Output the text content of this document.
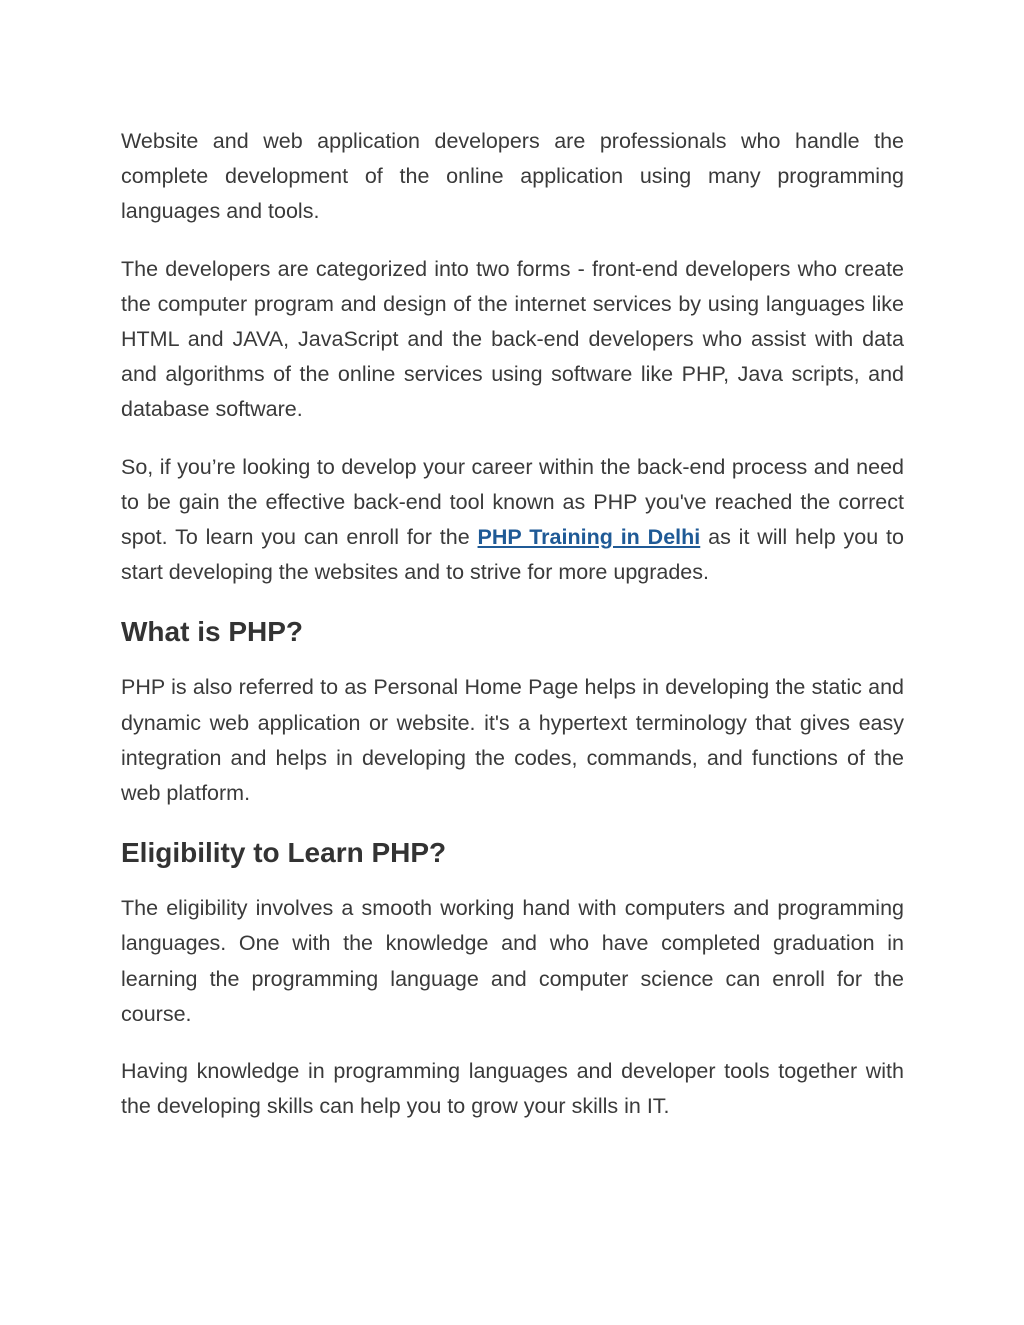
Website and web application developers are professionals who handle the complete development of the online application using many programming languages and tools.

The developers are categorized into two forms - front-end developers who create the computer program and design of the internet services by using languages like HTML and JAVA, JavaScript and the back-end developers who assist with data and algorithms of the online services using software like PHP, Java scripts, and database software.

So, if you’re looking to develop your career within the back-end process and need to be gain the effective back-end tool known as PHP you've reached the correct spot. To learn you can enroll for the PHP Training in Delhi as it will help you to start developing the websites and to strive for more upgrades.

What is PHP?

PHP is also referred to as Personal Home Page helps in developing the static and dynamic web application or website. it's a hypertext terminology that gives easy integration and helps in developing the codes, commands, and functions of the web platform.

Eligibility to Learn PHP?

The eligibility involves a smooth working hand with computers and programming languages. One with the knowledge and who have completed graduation in learning the programming language and computer science can enroll for the course.

Having knowledge in programming languages and developer tools together with the developing skills can help you to grow your skills in IT.
